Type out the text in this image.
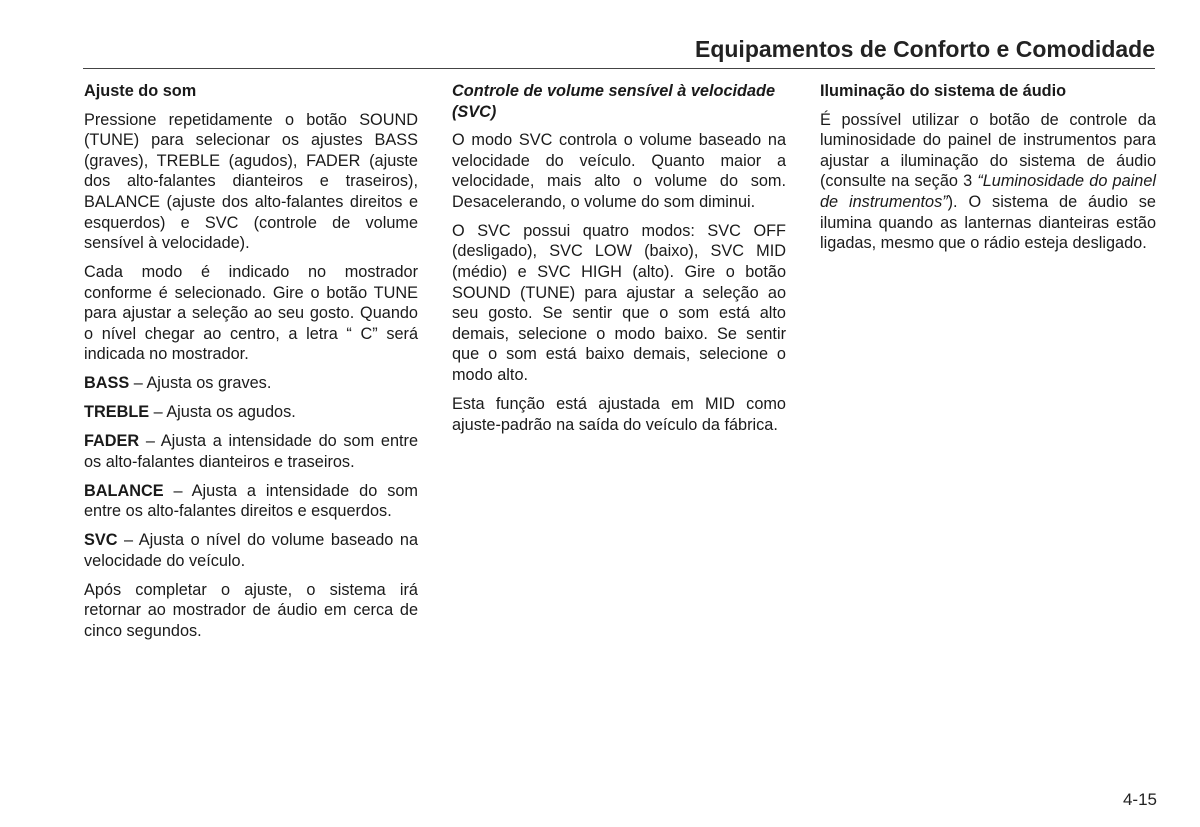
Equipamentos de Conforto e Comodidade
Ajuste do som

Pressione repetidamente o botão SOUND (TUNE) para selecionar os ajustes BASS (graves), TREBLE (agudos), FADER (ajuste dos alto-falantes dianteiros e traseiros), BALANCE (ajuste dos alto-falantes direitos e esquerdos) e SVC (controle de volume sensível à velocidade).

Cada modo é indicado no mostrador conforme é selecionado. Gire o botão TUNE para ajustar a seleção ao seu gosto. Quando o nível chegar ao centro, a letra “ C” será indicada no mostrador.

BASS – Ajusta os graves.

TREBLE – Ajusta os agudos.

FADER – Ajusta a intensidade do som entre os alto-falantes dianteiros e traseiros.

BALANCE – Ajusta a intensidade do som entre os alto-falantes direitos e esquerdos.

SVC – Ajusta o nível do volume baseado na velocidade do veículo.

Após completar o ajuste, o sistema irá retornar ao mostrador de áudio em cerca de cinco segundos.

Controle de volume sensível à velocidade (SVC)

O modo SVC controla o volume baseado na velocidade do veículo. Quanto maior a velocidade, mais alto o volume do som. Desacelerando, o volume do som diminui.

O SVC possui quatro modos: SVC OFF (desligado), SVC LOW (baixo), SVC MID (médio) e SVC HIGH (alto). Gire o botão SOUND (TUNE) para ajustar a seleção ao seu gosto. Se sentir que o som está alto demais, selecione o modo baixo. Se sentir que o som está baixo demais, selecione o modo alto.

Esta função está ajustada em MID como ajuste-padrão na saída do veículo da fábrica.

Iluminação do sistema de áudio

É possível utilizar o botão de controle da luminosidade do painel de instrumentos para ajustar a iluminação do sistema de áudio (consulte na seção 3 “Luminosidade do painel de instrumentos”). O sistema de áudio se ilumina quando as lanternas dianteiras estão ligadas, mesmo que o rádio esteja desligado.

4-15
